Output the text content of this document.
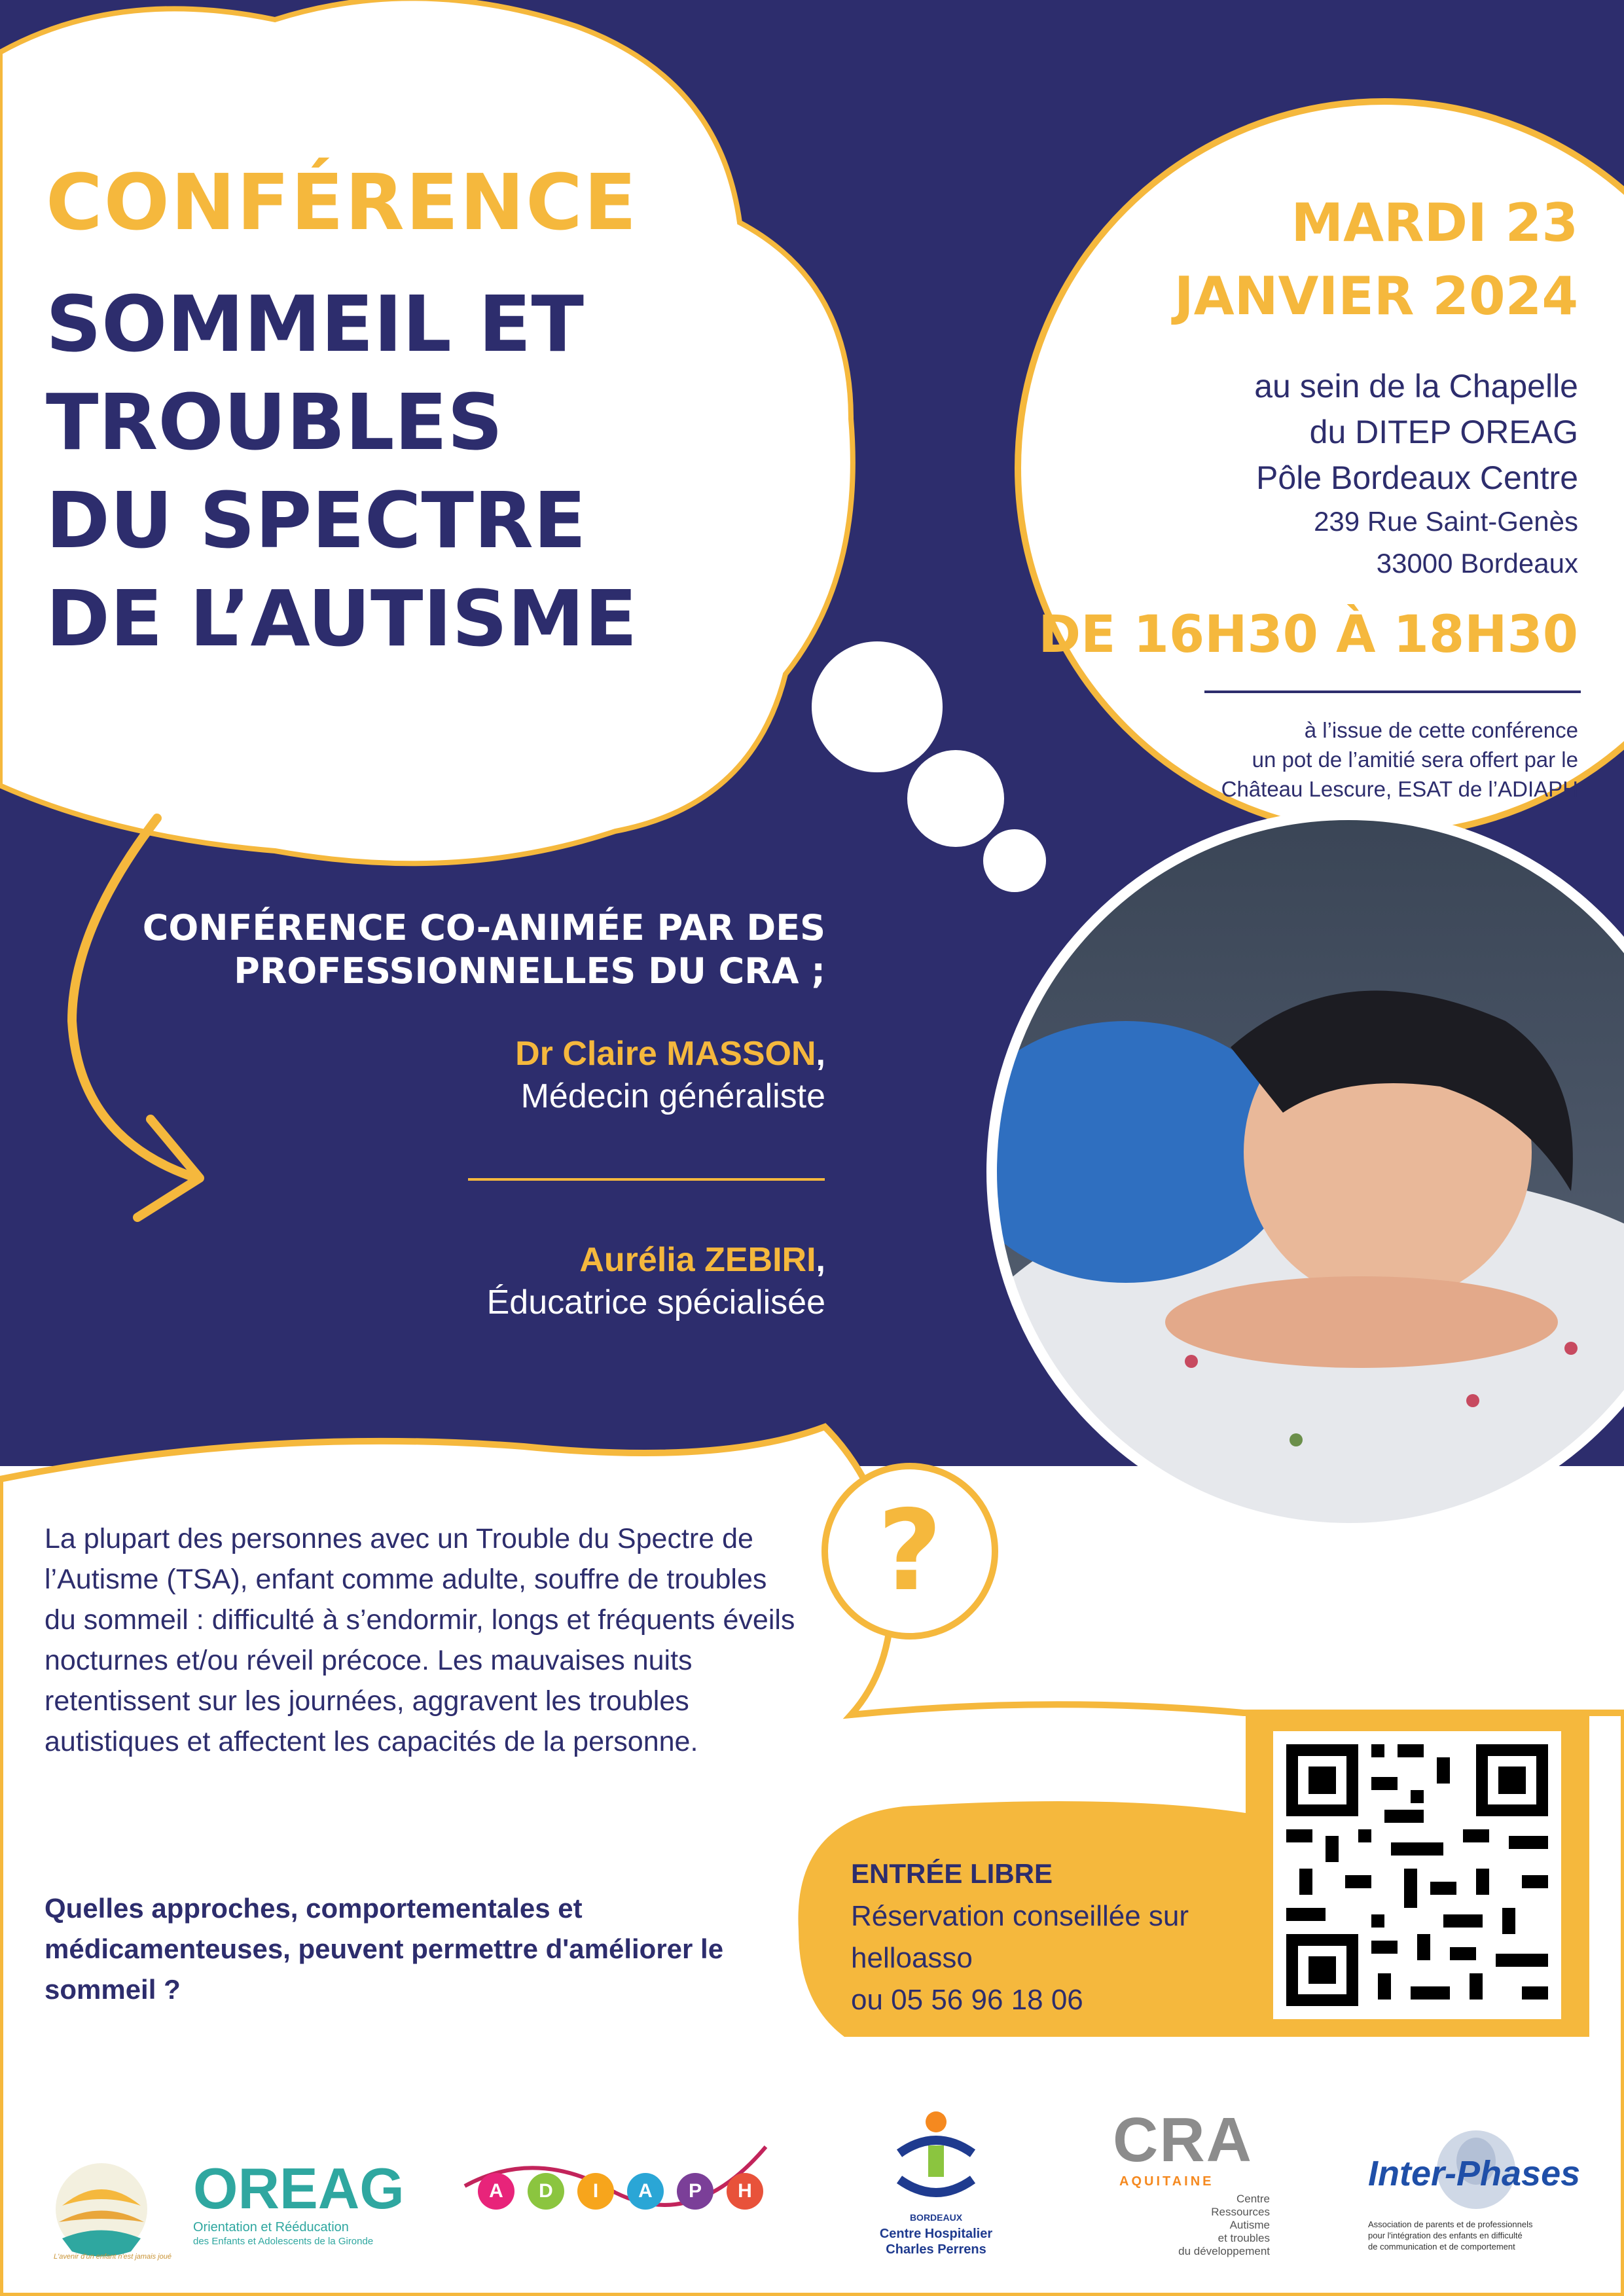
CONFÉRENCE
SOMMEIL ET
TROUBLES
DU SPECTRE
DE L’AUTISME
MARDI 23
JANVIER 2024
au sein de la Chapelle
du DITEP OREAG
Pôle Bordeaux Centre
239 Rue Saint-Genès
33000 Bordeaux
DE 16H30 À 18H30
à l’issue de cette conférence
un pot de l’amitié sera offert par le
Château Lescure, ESAT de l’ADIAPH
CONFÉRENCE CO-ANIMÉE PAR DES
PROFESSIONNELLES DU CRA ;
Dr Claire MASSON,
Médecin généraliste
Aurélia ZEBIRI,
Éducatrice spécialisée
?
La plupart des personnes avec un Trouble du Spectre de l’Autisme (TSA), enfant comme adulte, souffre de troubles du sommeil : difficulté à s’endormir, longs et fréquents éveils nocturnes et/ou réveil précoce. Les mauvaises nuits retentissent sur les journées, aggravent les troubles autistiques et affectent les capacités de la personne.
Quelles approches, comportementales et médicamenteuses, peuvent permettre d'améliorer le sommeil ?
ENTRÉE LIBRE
Réservation conseillée sur
helloasso
ou 05 56 96 18 06
OREAG
Orientation et Rééducation
des Enfants et Adolescents de la Gironde
L'avenir d'un enfant n'est jamais joué
A	D	I	A	P	H
BORDEAUX
Centre Hospitalier
Charles Perrens
CRA
AQUITAINE
Centre
Ressources
Autisme
et troubles
du développement
Inter-Phases
Association de parents et de professionnels
pour l'intégration des enfants en difficulté
de communication et de comportement
